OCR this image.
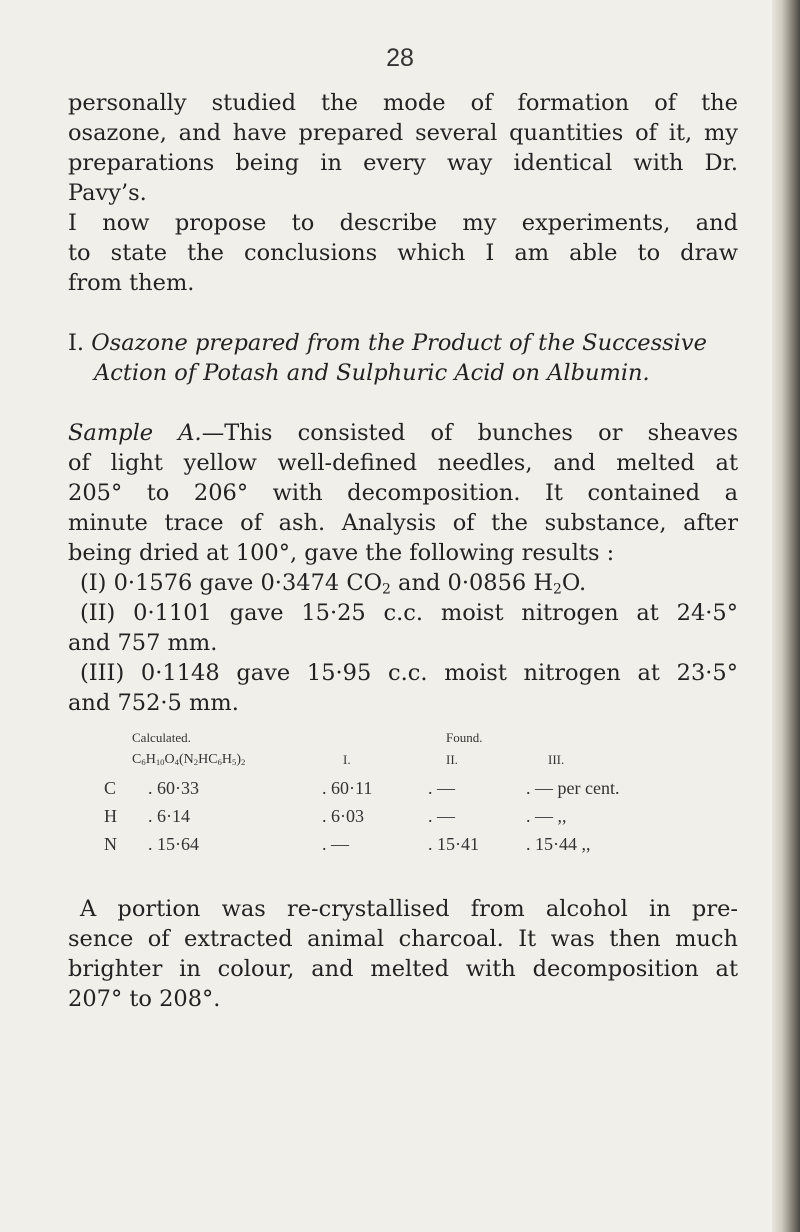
28

personally studied the mode of formation of the

osazone, and have prepared several quantities of it, my

preparations being in every way identical with Dr.

Pavy’s.

I now propose to describe my experiments, and

to state the conclusions which I am able to draw

from them.

I. Osazone prepared from the Product of the Successive
Action of Potash and Sulphuric Acid on Albumin.

Sample A.—This consisted of bunches or sheaves

of light yellow well-defined needles, and melted at

205° to 206° with decomposition. It contained a

minute trace of ash. Analysis of the substance, after

being dried at 100°, gave the following results :

(I) 0·1576 gave 0·3474 $CO_2$ and 0·0856 $H_2O$.

(II) 0·1101 gave 15·25 c.c. moist nitrogen at 24·5°

and 757 mm.

(III) 0·1148 gave 15·95 c.c. moist nitrogen at 23·5°

and 752·5 mm.

Calculated.	Found.
$C_6H_{10}O_4(N_2HC_6H_5)_2$	I.	II.	III.
C . 60·33	. 60·11	. —	. — per cent.
H . 6·14	. 6·03	. —	. — ,,
N . 15·64	. —	. 15·41	. 15·44 ,,

A portion was re-crystallised from alcohol in pre-

sence of extracted animal charcoal. It was then much

brighter in colour, and melted with decomposition at

207° to 208°.
